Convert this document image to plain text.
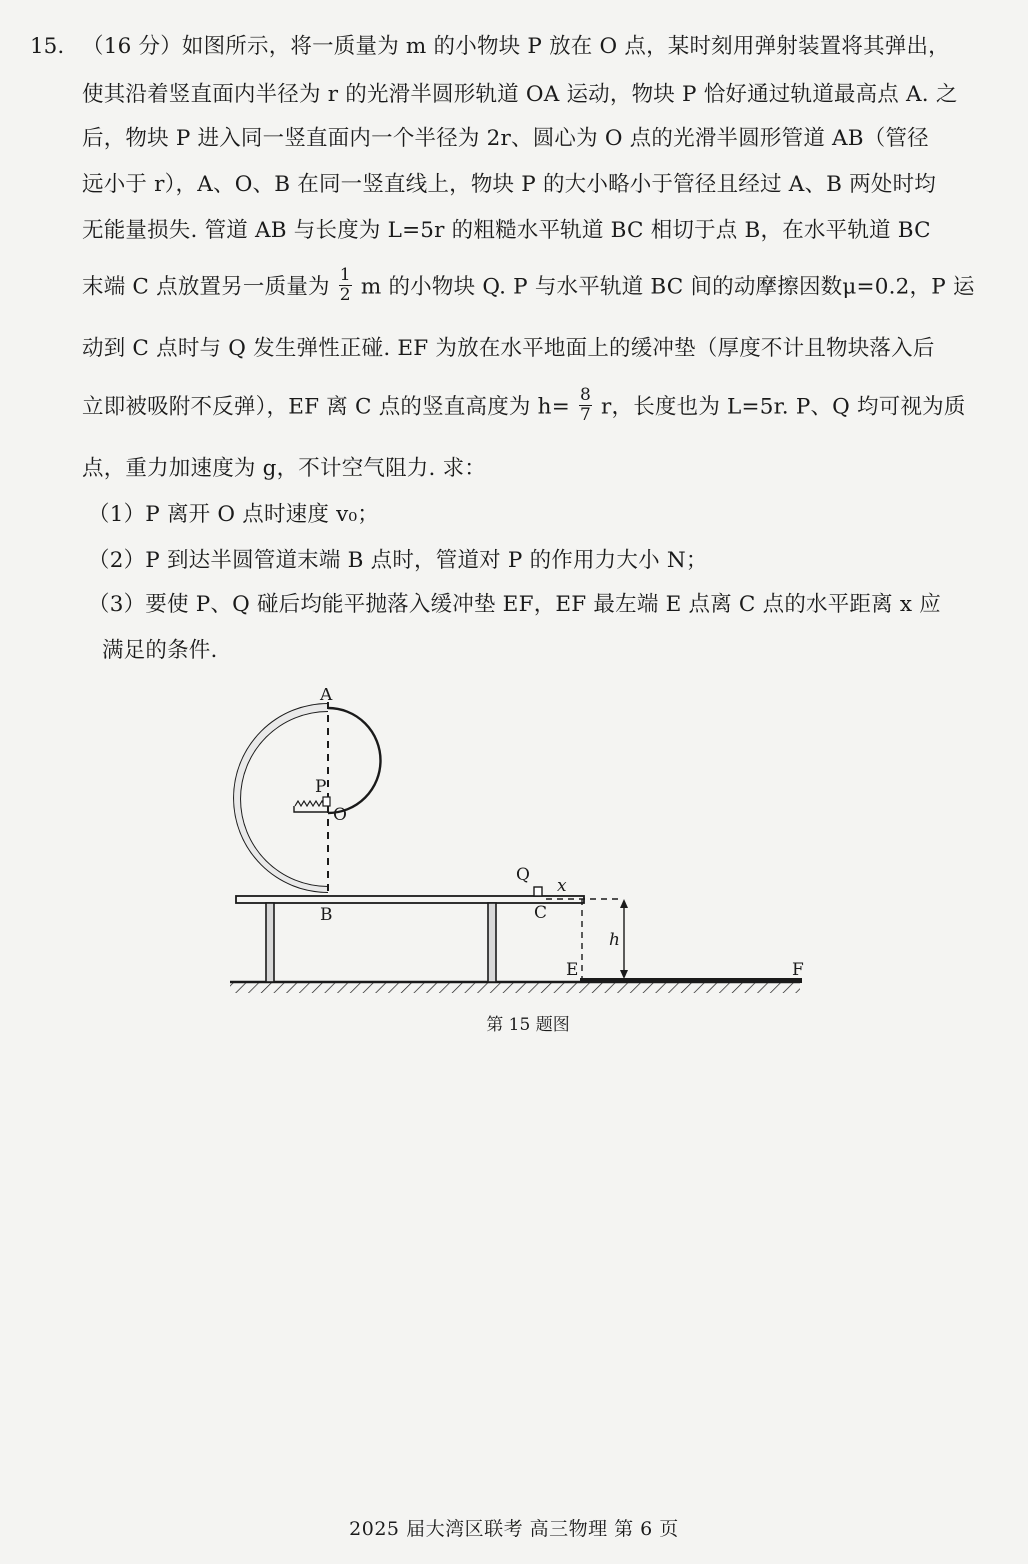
15. （16 分）如图所示，将一质量为 m 的小物块 P 放在 O 点，某时刻用弹射装置将其弹出，
使其沿着竖直面内半径为 r 的光滑半圆形轨道 OA 运动，物块 P 恰好通过轨道最高点 A. 之
后，物块 P 进入同一竖直面内一个半径为 2r、圆心为 O 点的光滑半圆形管道 AB（管径
远小于 r），A、O、B 在同一竖直线上，物块 P 的大小略小于管径且经过 A、B 两处时均
无能量损失. 管道 AB 与长度为 L=5r 的粗糙水平轨道 BC 相切于点 B，在水平轨道 BC
末端 C 点放置另一质量为 $\frac{1}{2}$ m 的小物块 Q. P 与水平轨道 BC 间的动摩擦因数μ=0.2，P 运
动到 C 点时与 Q 发生弹性正碰. EF 为放在水平地面上的缓冲垫（厚度不计且物块落入后
立即被吸附不反弹），EF 离 C 点的竖直高度为 $h= \frac{8}{7}$ r，长度也为 L=5r. P、Q 均可视为质
点，重力加速度为 g，不计空气阻力. 求：
（1）P 离开 O 点时速度 v₀；
（2）P 到达半圆管道末端 B 点时，管道对 P 的作用力大小 N；
（3）要使 P、Q 碰后均能平抛落入缓冲垫 EF，EF 最左端 E 点离 C 点的水平距离 x 应
满足的条件.
A
P
O
B
Q
C
x
h
E	F
第 15 题图
2025 届大湾区联考 高三物理 第 6 页
